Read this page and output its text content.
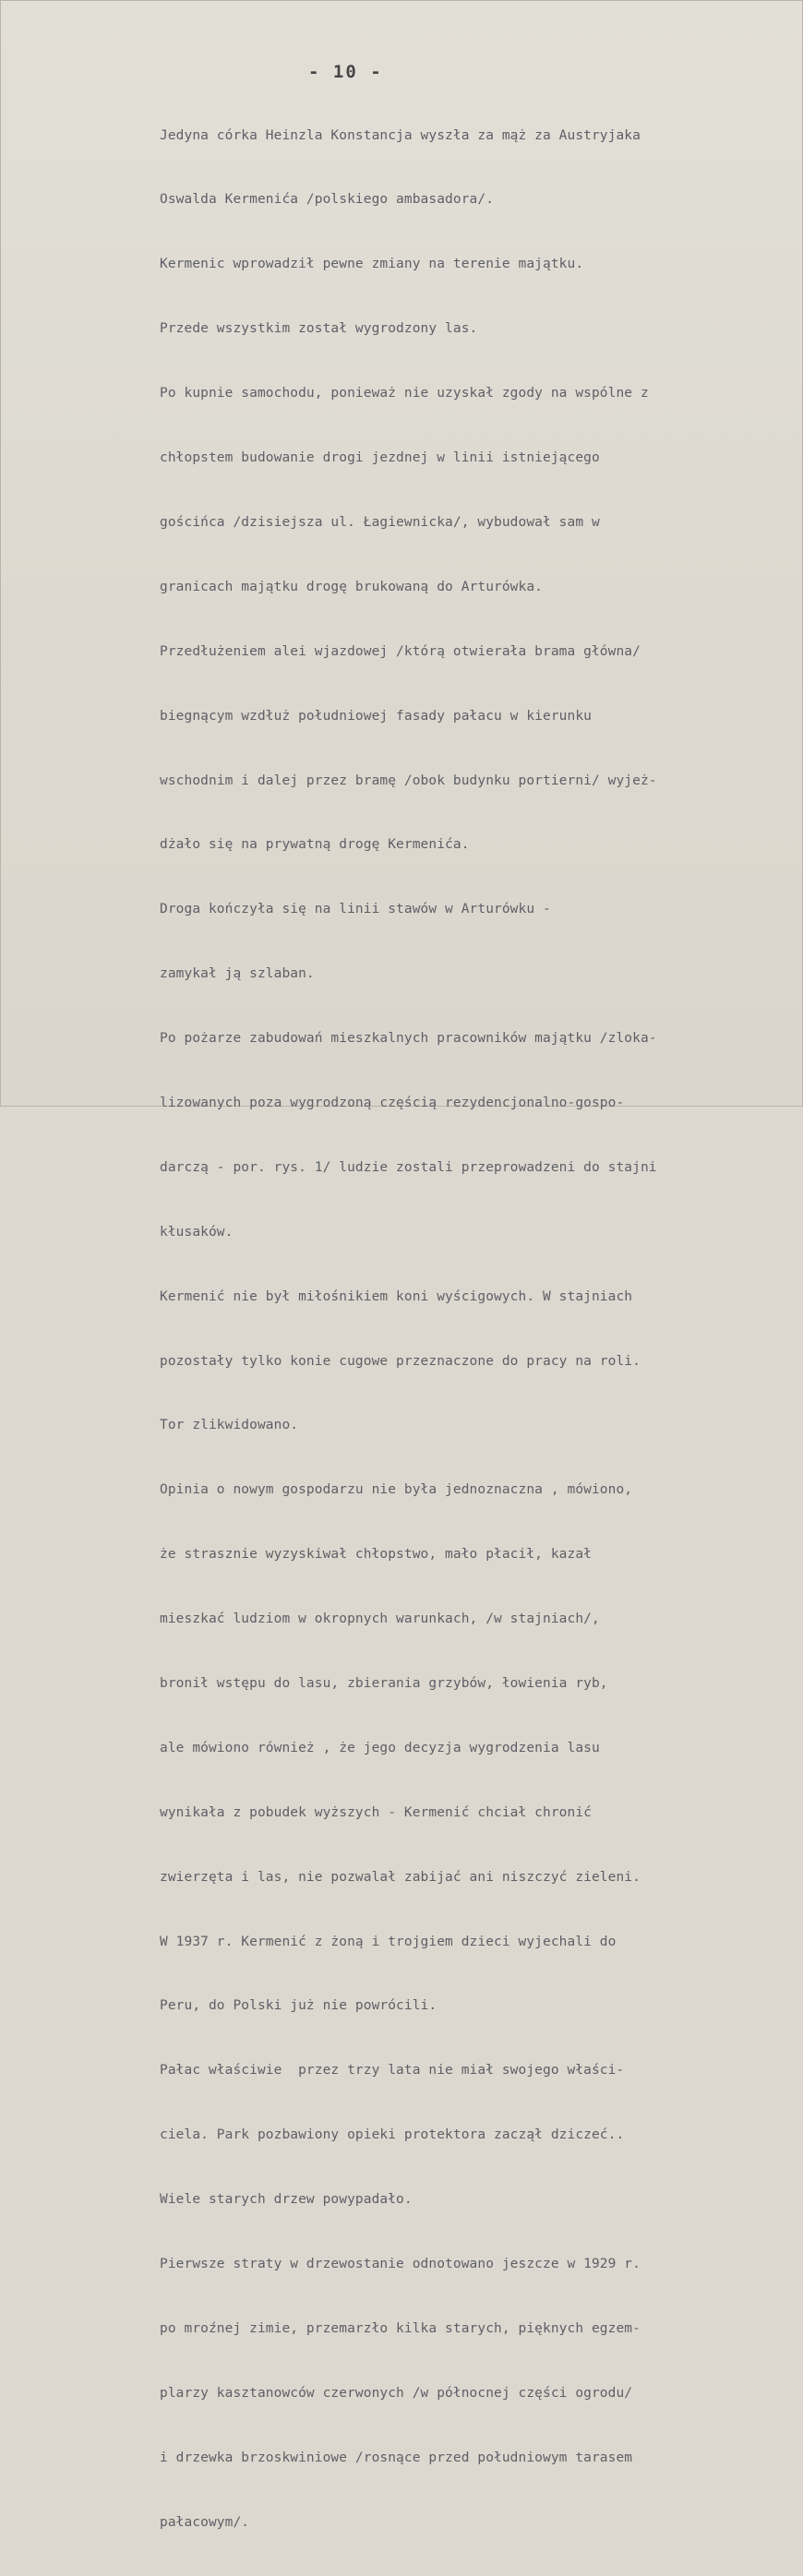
- 10 -

Jedyna córka Heinzla Konstancja wyszła za mąż za Austryjaka

Oswalda Kermenića /polskiego ambasadora/.

Kermenic wprowadził pewne zmiany na terenie majątku.

Przede wszystkim został wygrodzony las.

Po kupnie samochodu, ponieważ nie uzyskał zgody na wspólne z

chłopstem budowanie drogi jezdnej w linii istniejącego

gościńca /dzisiejsza ul. Łagiewnicka/, wybudował sam w

granicach majątku drogę brukowaną do Arturówka.

Przedłużeniem alei wjazdowej /którą otwierała brama główna/

biegnącym wzdłuż południowej fasady pałacu w kierunku

wschodnim i dalej przez bramę /obok budynku portierni/ wyjeż-

dżało się na prywatną drogę Kermenića.

Droga kończyła się na linii stawów w Arturówku -

zamykał ją szlaban.

Po pożarze zabudowań mieszkalnych pracowników majątku /zloka-

lizowanych poza wygrodzoną częścią rezydencjonalno-gospo-

darczą - por. rys. 1/ ludzie zostali przeprowadzeni do stajni

kłusaków.

Kermenić nie był miłośnikiem koni wyścigowych. W stajniach

pozostały tylko konie cugowe przeznaczone do pracy na roli.

Tor zlikwidowano.

Opinia o nowym gospodarzu nie była jednoznaczna , mówiono,

że strasznie wyzyskiwał chłopstwo, mało płacił, kazał

mieszkać ludziom w okropnych warunkach, /w stajniach/,

bronił wstępu do lasu, zbierania grzybów, łowienia ryb,

ale mówiono również , że jego decyzja wygrodzenia lasu

wynikała z pobudek wyższych - Kermenić chciał chronić

zwierzęta i las, nie pozwalał zabijać ani niszczyć zieleni.

W 1937 r. Kermenić z żoną i trojgiem dzieci wyjechali do

Peru, do Polski już nie powrócili.

Pałac właściwie  przez trzy lata nie miał swojego właści-

ciela. Park pozbawiony opieki protektora zaczął dziczeć..

Wiele starych drzew powypadało.

Pierwsze straty w drzewostanie odnotowano jeszcze w 1929 r.

po mroźnej zimie, przemarzło kilka starych, pięknych egzem-

plarzy kasztanowców czerwonych /w północnej części ogrodu/

i drzewka brzoskwiniowe /rosnące przed południowym tarasem

pałacowym/.
